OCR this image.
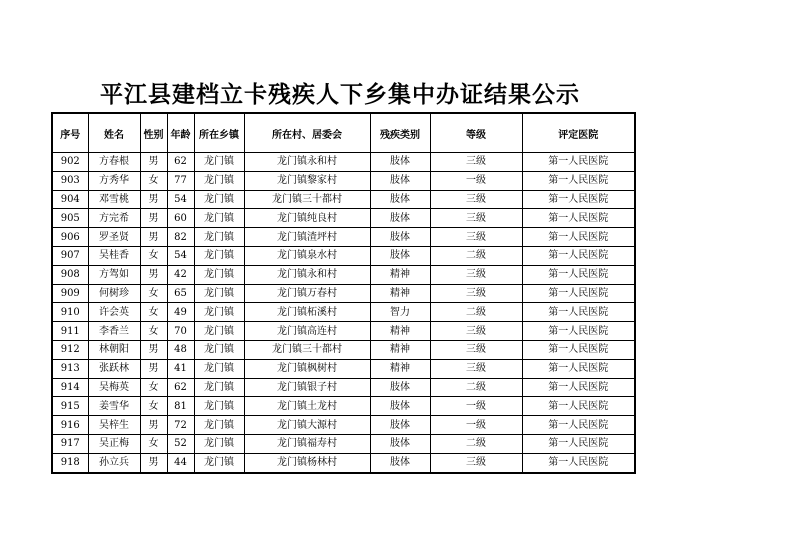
平江县建档立卡残疾人下乡集中办证结果公示
序号	姓名	性别	年龄	所在乡镇	所在村、居委会	残疾类别	等级	评定医院
902	方春根	男	62	龙门镇	龙门镇永和村	肢体	三级	第一人民医院
903	方秀华	女	77	龙门镇	龙门镇黎家村	肢体	一级	第一人民医院
904	邓雪桃	男	54	龙门镇	龙门镇三十都村	肢体	三级	第一人民医院
905	方完希	男	60	龙门镇	龙门镇纯良村	肢体	三级	第一人民医院
906	罗圣贤	男	82	龙门镇	龙门镇渣坪村	肢体	三级	第一人民医院
907	吴桂香	女	54	龙门镇	龙门镇泉水村	肢体	二级	第一人民医院
908	方驾如	男	42	龙门镇	龙门镇永和村	精神	三级	第一人民医院
909	何树珍	女	65	龙门镇	龙门镇万春村	精神	三级	第一人民医院
910	许会英	女	49	龙门镇	龙门镇柘溪村	智力	二级	第一人民医院
911	李香兰	女	70	龙门镇	龙门镇高连村	精神	三级	第一人民医院
912	林朝阳	男	48	龙门镇	龙门镇三十都村	精神	三级	第一人民医院
913	张跃林	男	41	龙门镇	龙门镇枫树村	精神	三级	第一人民医院
914	吴梅英	女	62	龙门镇	龙门镇银子村	肢体	二级	第一人民医院
915	姜雪华	女	81	龙门镇	龙门镇土龙村	肢体	一级	第一人民医院
916	吴梓生	男	72	龙门镇	龙门镇大源村	肢体	一级	第一人民医院
917	吴正梅	女	52	龙门镇	龙门镇福寿村	肢体	二级	第一人民医院
918	孙立兵	男	44	龙门镇	龙门镇杨林村	肢体	三级	第一人民医院
